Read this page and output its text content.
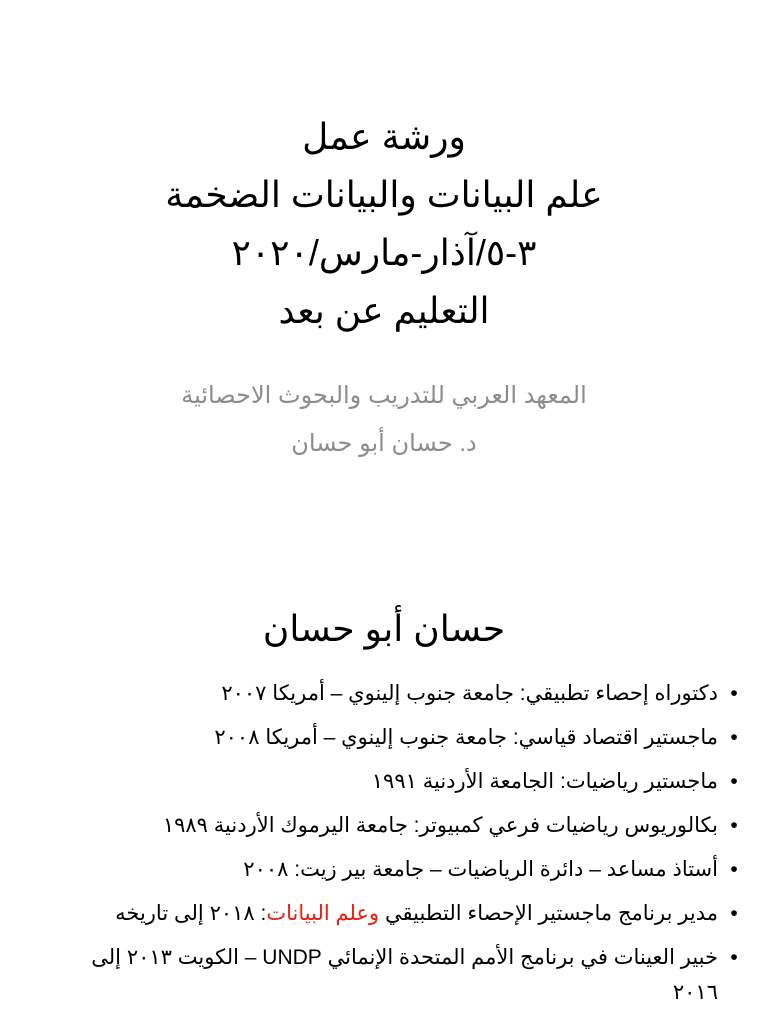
ورشة عمل
علم البيانات والبيانات الضخمة
٣-٥/آذار-مارس/٢٠٢٠
التعليم عن بعد
المعهد العربي للتدريب والبحوث الاحصائية
د. حسان أبو حسان
حسان أبو حسان
•
دكتوراه إحصاء تطبيقي: جامعة جنوب إلينوي – أمريكا ٢٠٠٧
•
ماجستير اقتصاد قياسي: جامعة جنوب إلينوي – أمريكا ٢٠٠٨
•
ماجستير رياضيات: الجامعة الأردنية ١٩٩١
•
بكالوريوس رياضيات فرعي كمبيوتر: جامعة اليرموك الأردنية ١٩٨٩
•
أستاذ مساعد – دائرة الرياضيات – جامعة بير زيت: ٢٠٠٨
•
مدير برنامج ماجستير الإحصاء التطبيقي وعلم البيانات: ٢٠١٨ إلى تاريخه
•
خبير العينات في برنامج الأمم المتحدة الإنمائي UNDP – الكويت ٢٠١٣ إلى ٢٠١٦
